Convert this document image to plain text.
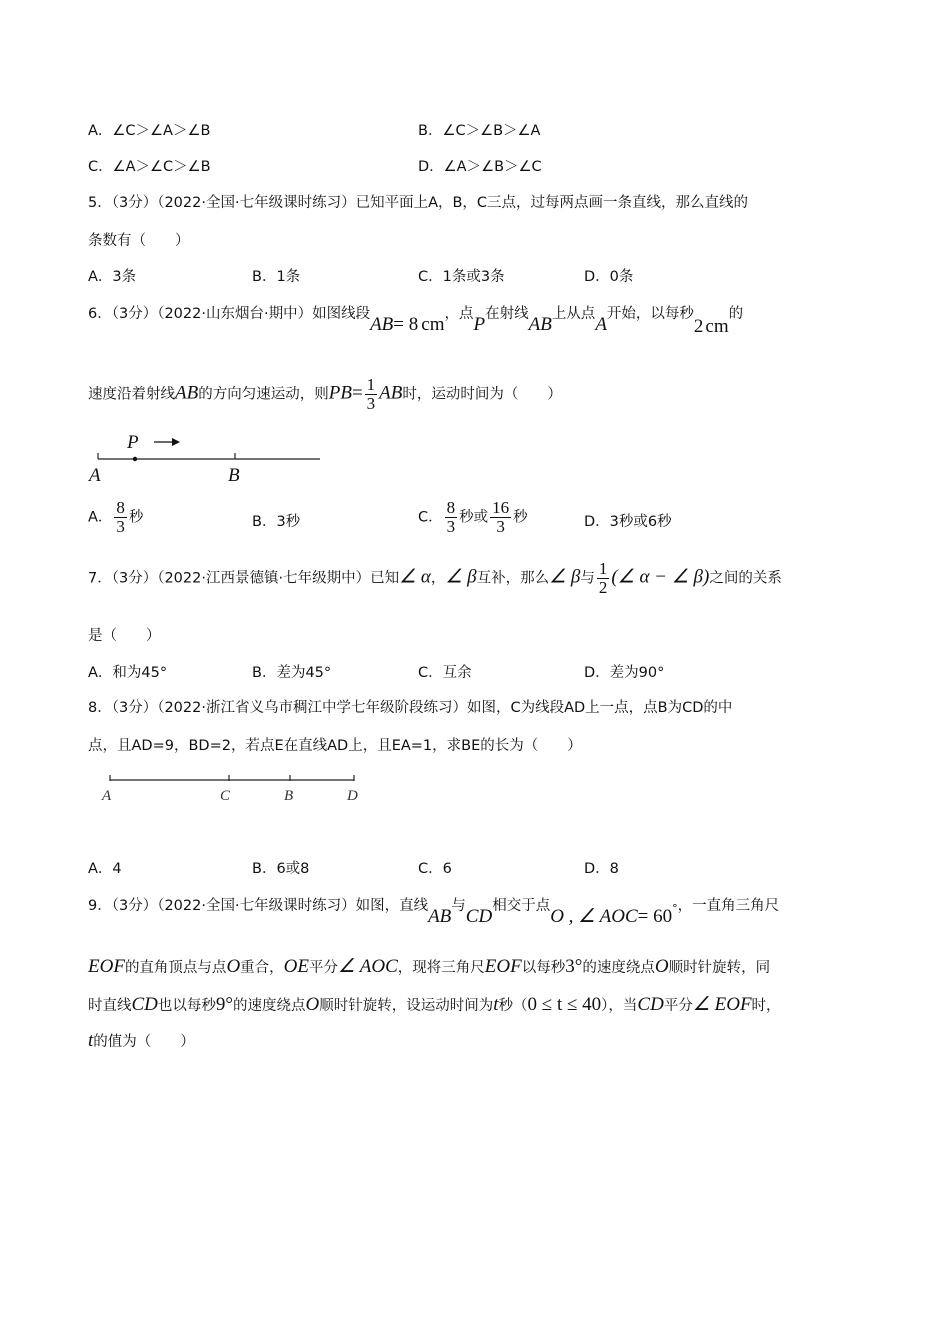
A．∠C＞∠A＞∠B	B．∠C＞∠B＞∠A
C．∠A＞∠C＞∠B	D．∠A＞∠B＞∠C
5．（3分）（2022·全国·七年级课时练习）已知平面上A，B，C三点，过每两点画一条直线，那么直线的
条数有（　　）
A．3条	B．1条	C．1条或3条	D．0条
6．（3分）（2022·山东烟台·期中）如图线段AB= 8 cm，点P在射线AB上从点A开始，以每秒2 cm的
速度沿着射线AB的方向匀速运动，则$PB= \frac{1}{3}$ AB时，运动时间为（　　）
P
A	B
A． $\frac{8}{3}$ 秒	B．3秒	C． $\frac{8}{3}$ 秒或 $\frac{16}{3}$ 秒	D．3秒或6秒
7．（3分）（2022·江西景德镇·七年级期中）已知∠ α，∠ β互补，那么∠ β与 $\frac{1}{2}$ (∠ α − ∠ β)之间的关系
是（　　）
A．和为45°	B．差为45°	C．互余	D．差为90°
8．（3分）（2022·浙江省义乌市稠江中学七年级阶段练习）如图，C为线段AD上一点，点B为CD的中
点，且AD=9，BD=2，若点E在直线AD上，且EA=1，求BE的长为（　　）
A	C	B	D
A．4	B．6或8	C．6	D．8
9．（3分）（2022·全国·七年级课时练习）如图，直线AB与CD相交于点O , ∠ AOC= 60°，一直角三角尺
EOF的直角顶点与点O重合，OE平分∠ AOC，现将三角尺EOF以每秒3°的速度绕点O顺时针旋转，同
时直线CD也以每秒9°的速度绕点O顺时针旋转，设运动时间为t秒（0 ≤ t ≤ 40），当CD平分∠ EOF时，
t的值为（　　）
